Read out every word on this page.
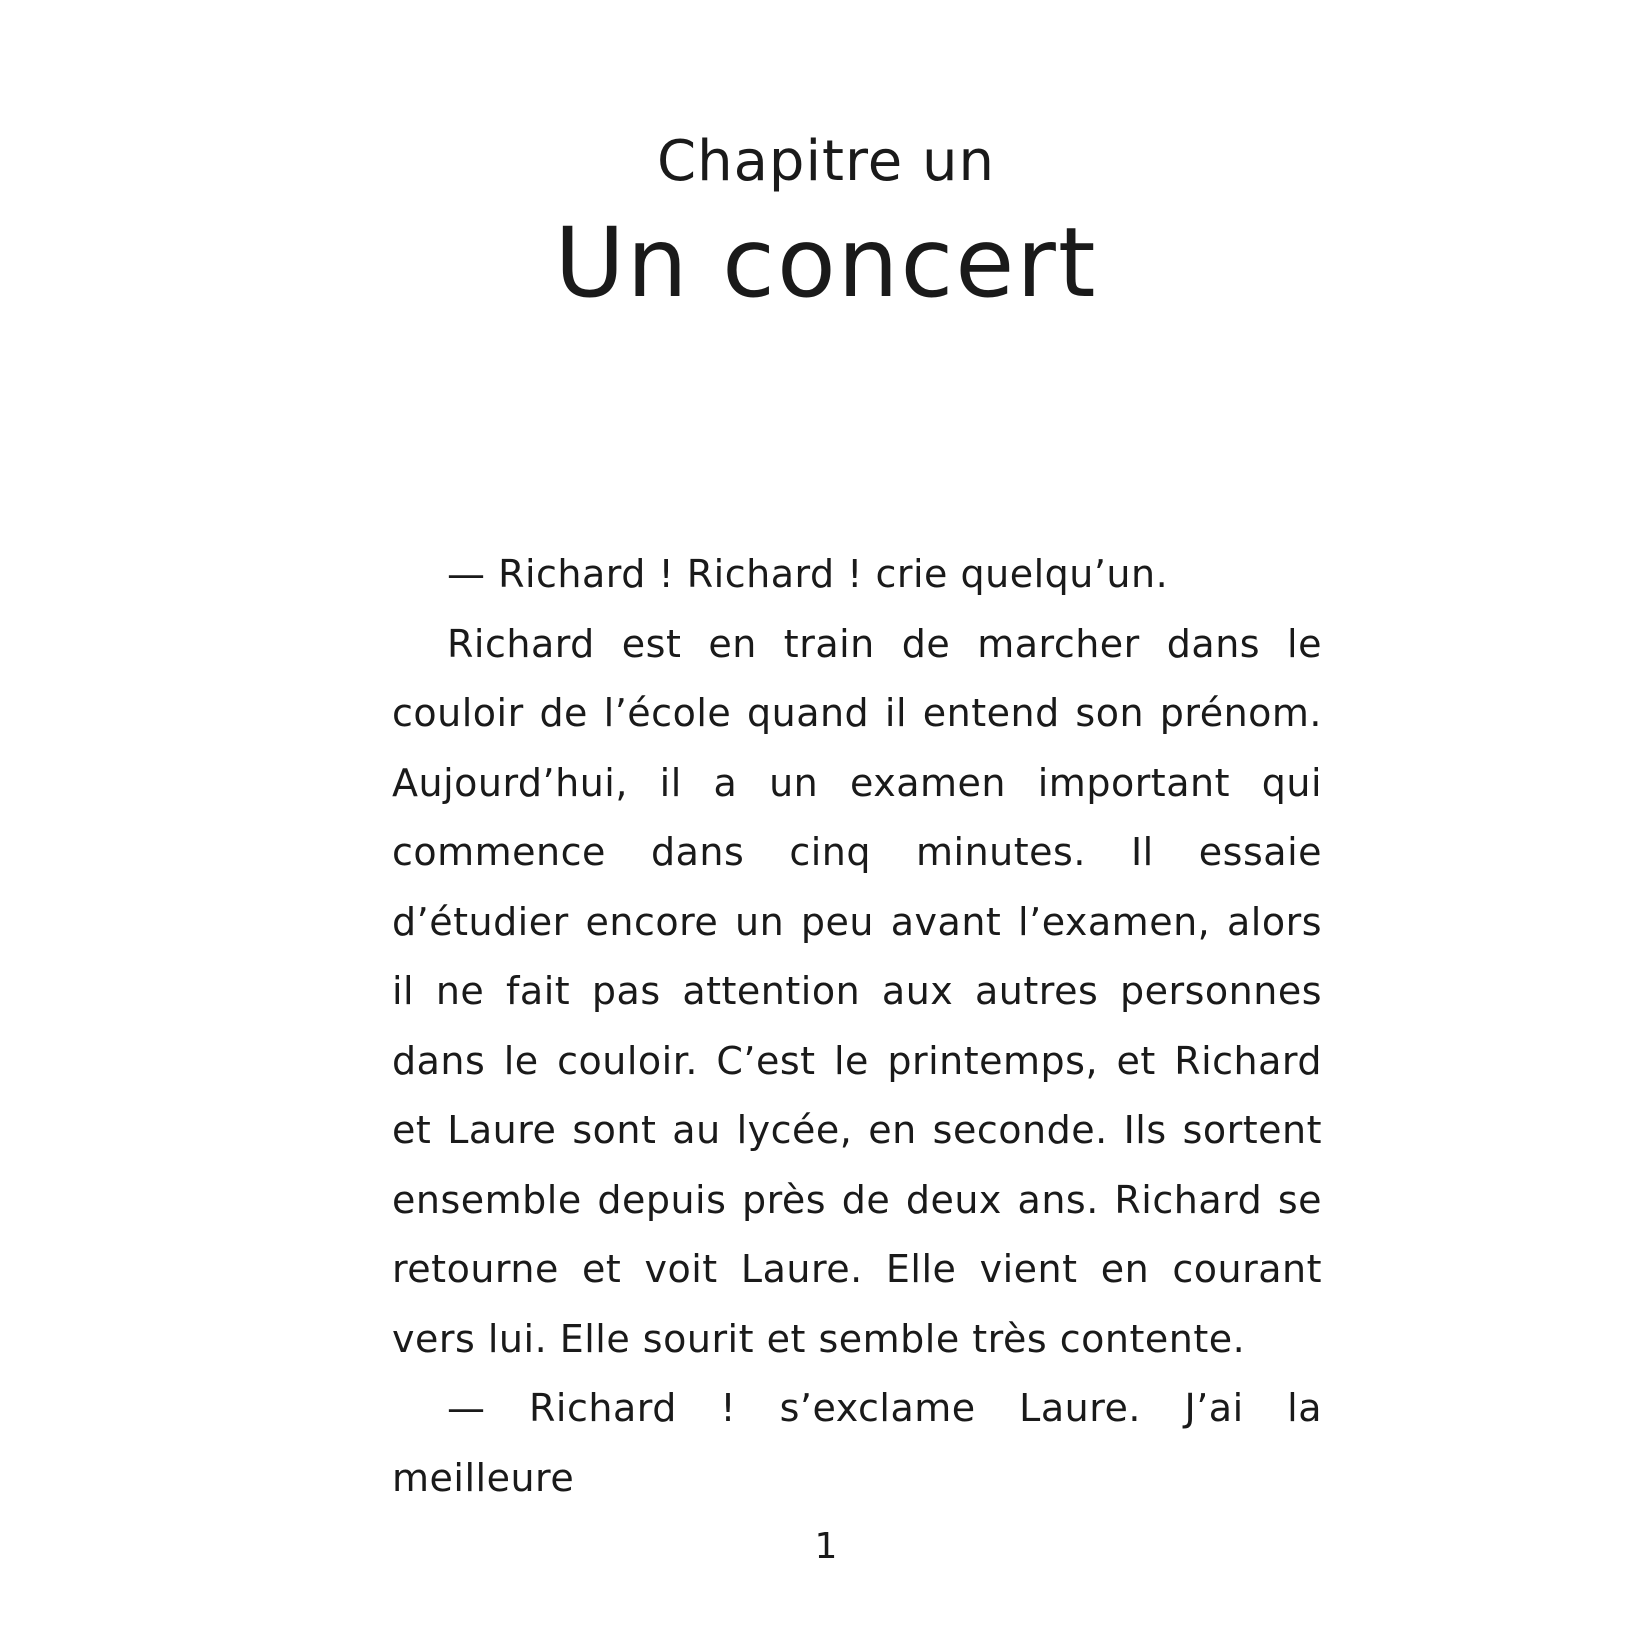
Chapitre un
Un concert

— Richard ! Richard ! crie quelqu’un.

Richard est en train de marcher dans le couloir de l’école quand il entend son prénom. Aujourd’hui, il a un examen important qui commence dans cinq minutes. Il essaie d’étudier encore un peu avant l’examen, alors il ne fait pas attention aux autres personnes dans le couloir. C’est le printemps, et Richard et Laure sont au lycée, en seconde. Ils sortent ensemble depuis près de deux ans. Richard se retourne et voit Laure. Elle vient en courant vers lui. Elle sourit et semble très contente.

— Richard ! s’exclame Laure. J’ai la meilleure

1
